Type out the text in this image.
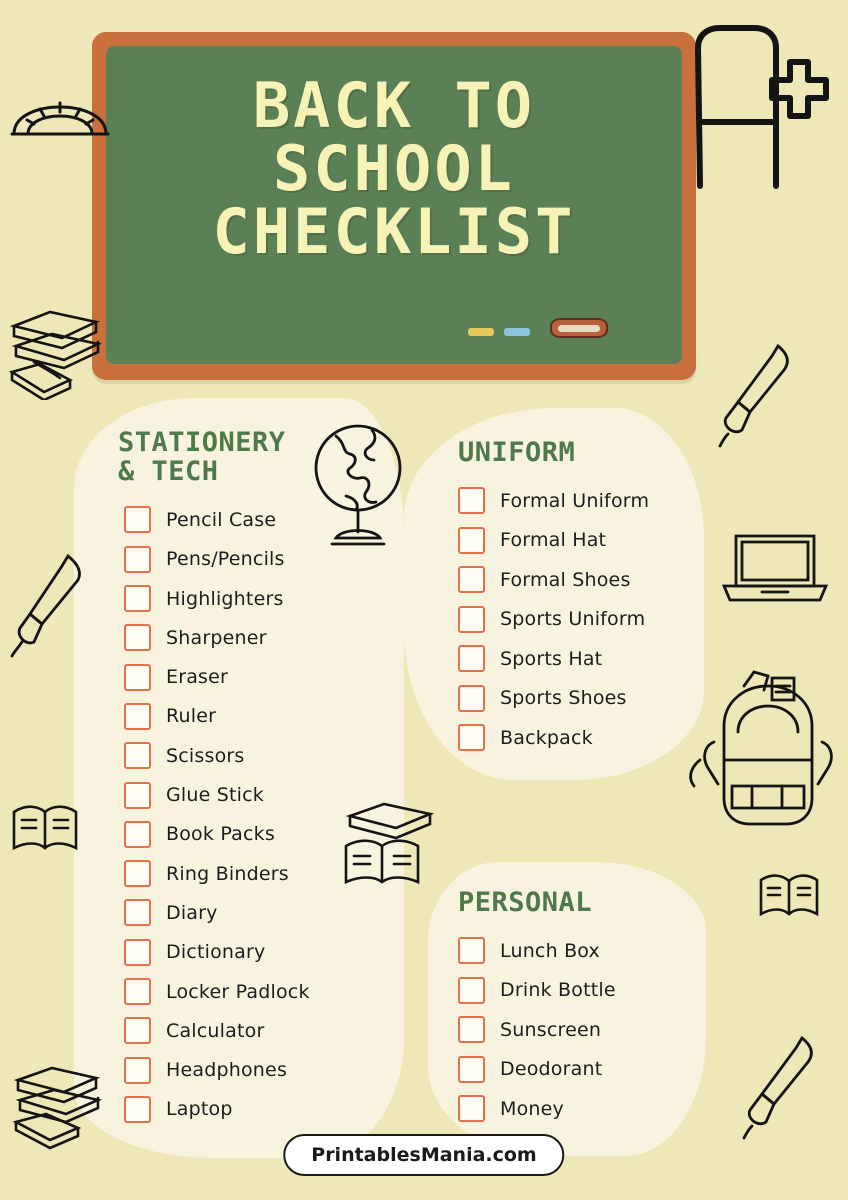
BACK TO
SCHOOL
CHECKLIST
STATIONERY
& TECH
Pencil Case
Pens/Pencils
Highlighters
Sharpener
Eraser
Ruler
Scissors
Glue Stick
Book Packs
Ring Binders
Diary
Dictionary
Locker Padlock
Calculator
Headphones
Laptop
UNIFORM
Formal Uniform
Formal Hat
Formal Shoes
Sports Uniform
Sports Hat
Sports Shoes
Backpack
PERSONAL
Lunch Box
Drink Bottle
Sunscreen
Deodorant
Money
PrintablesMania.com
